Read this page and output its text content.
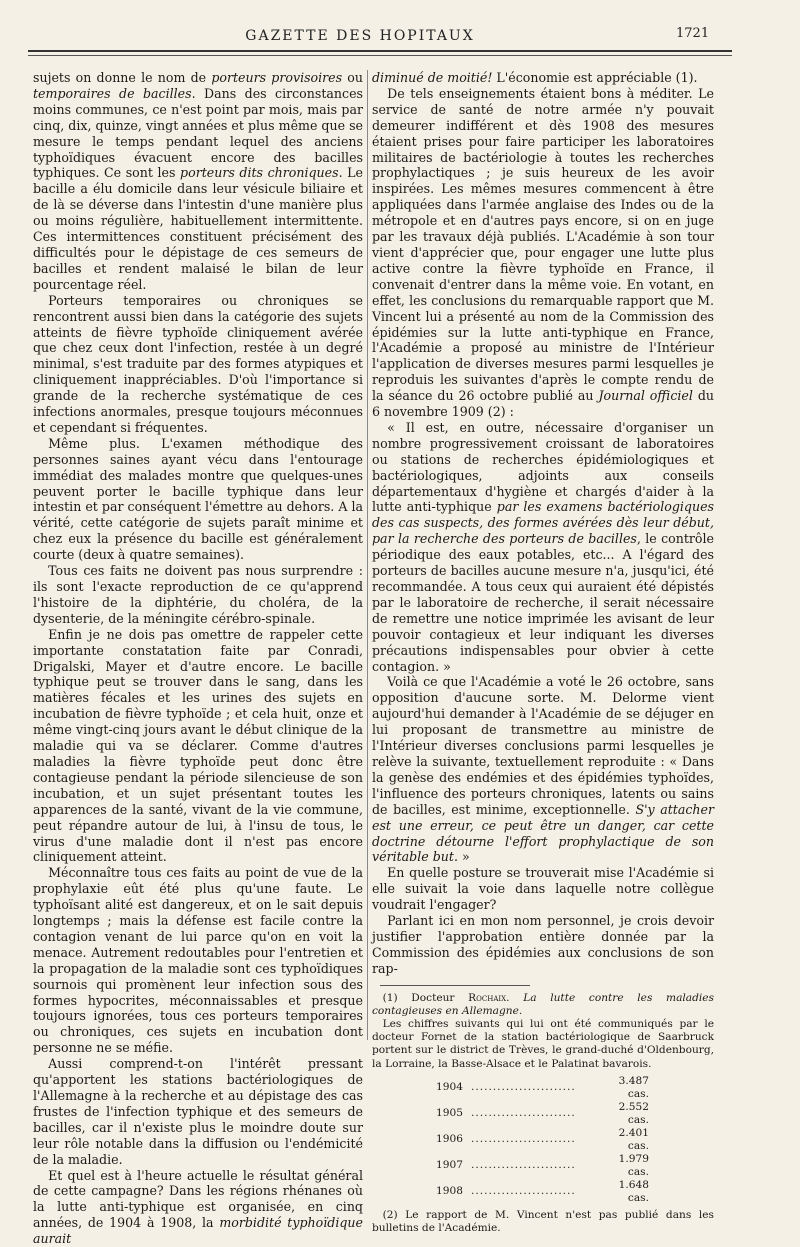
GAZETTE DES HOPITAUX	1721

sujets on donne le nom de porteurs provisoires ou temporaires de bacilles. Dans des circonstances moins communes, ce n'est point par mois, mais par cinq, dix, quinze, vingt années et plus même que se mesure le temps pendant lequel des anciens typhoïdiques évacuent encore des bacilles typhiques. Ce sont les porteurs dits chroniques. Le bacille a élu domicile dans leur vésicule biliaire et de là se déverse dans l'intestin d'une manière plus ou moins régulière, habituellement intermittente. Ces intermittences constituent précisément des difficultés pour le dépistage de ces semeurs de bacilles et rendent malaisé le bilan de leur pourcentage réel.

Porteurs temporaires ou chroniques se rencontrent aussi bien dans la catégorie des sujets atteints de fièvre typhoïde cliniquement avérée que chez ceux dont l'infection, restée à un degré minimal, s'est traduite par des formes atypiques et cliniquement inappréciables. D'où l'importance si grande de la recherche systématique de ces infections anormales, presque toujours méconnues et cependant si fréquentes.

Même plus. L'examen méthodique des personnes saines ayant vécu dans l'entourage immédiat des malades montre que quelques-unes peuvent porter le bacille typhique dans leur intestin et par conséquent l'émettre au dehors. A la vérité, cette catégorie de sujets paraît minime et chez eux la présence du bacille est généralement courte (deux à quatre semaines).

Tous ces faits ne doivent pas nous surprendre : ils sont l'exacte reproduction de ce qu'apprend l'histoire de la diphtérie, du choléra, de la dysenterie, de la méningite cérébro-spinale.

Enfin je ne dois pas omettre de rappeler cette importante constatation faite par Conradi, Drigalski, Mayer et d'autre encore. Le bacille typhique peut se trouver dans le sang, dans les matières fécales et les urines des sujets en incubation de fièvre typhoïde ; et cela huit, onze et même vingt-cinq jours avant le début clinique de la maladie qui va se déclarer. Comme d'autres maladies la fièvre typhoïde peut donc être contagieuse pendant la période silencieuse de son incubation, et un sujet présentant toutes les apparences de la santé, vivant de la vie commune, peut répandre autour de lui, à l'insu de tous, le virus d'une maladie dont il n'est pas encore cliniquement atteint.

Méconnaître tous ces faits au point de vue de la prophylaxie eût été plus qu'une faute. Le typhoïsant alité est dangereux, et on le sait depuis longtemps ; mais la défense est facile contre la contagion venant de lui parce qu'on en voit la menace. Autrement redoutables pour l'entretien et la propagation de la maladie sont ces typhoïdiques sournois qui promènent leur infection sous des formes hypocrites, méconnaissables et presque toujours ignorées, tous ces porteurs temporaires ou chroniques, ces sujets en incubation dont personne ne se méfie.

Aussi comprend-t-on l'intérêt pressant qu'apportent les stations bactériologiques de l'Allemagne à la recherche et au dépistage des cas frustes de l'infection typhique et des semeurs de bacilles, car il n'existe plus le moindre doute sur leur rôle notable dans la diffusion ou l'endémicité de la maladie.

Et quel est à l'heure actuelle le résultat général de cette campagne? Dans les régions rhénanes où la lutte anti-typhique est organisée, en cinq années, de 1904 à 1908, la morbidité typhoïdique aurait

diminué de moitié! L'économie est appréciable (1).

De tels enseignements étaient bons à méditer. Le service de santé de notre armée n'y pouvait demeurer indifférent et dès 1908 des mesures étaient prises pour faire participer les laboratoires militaires de bactériologie à toutes les recherches prophylactiques ; je suis heureux de les avoir inspirées. Les mêmes mesures commencent à être appliquées dans l'armée anglaise des Indes ou de la métropole et en d'autres pays encore, si on en juge par les travaux déjà publiés. L'Académie à son tour vient d'apprécier que, pour engager une lutte plus active contre la fièvre typhoïde en France, il convenait d'entrer dans la même voie. En votant, en effet, les conclusions du remarquable rapport que M. Vincent lui a présenté au nom de la Commission des épidémies sur la lutte anti-typhique en France, l'Académie a proposé au ministre de l'Intérieur l'application de diverses mesures parmi lesquelles je reproduis les suivantes d'après le compte rendu de la séance du 26 octobre publié au Journal officiel du 6 novembre 1909 (2) :

« Il est, en outre, nécessaire d'organiser un nombre progressivement croissant de laboratoires ou stations de recherches épidémiologiques et bactériologiques, adjoints aux conseils départementaux d'hygiène et chargés d'aider à la lutte anti-typhique par les examens bactériologiques des cas suspects, des formes avérées dès leur début, par la recherche des porteurs de bacilles, le contrôle périodique des eaux potables, etc... A l'égard des porteurs de bacilles aucune mesure n'a, jusqu'ici, été recommandée. A tous ceux qui auraient été dépistés par le laboratoire de recherche, il serait nécessaire de remettre une notice imprimée les avisant de leur pouvoir contagieux et leur indiquant les diverses précautions indispensables pour obvier à cette contagion. »

Voilà ce que l'Académie a voté le 26 octobre, sans opposition d'aucune sorte. M. Delorme vient aujourd'hui demander à l'Académie de se déjuger en lui proposant de transmettre au ministre de l'Intérieur diverses conclusions parmi lesquelles je relève la suivante, textuellement reproduite : « Dans la genèse des endémies et des épidémies typhoïdes, l'influence des porteurs chroniques, latents ou sains de bacilles, est minime, exceptionnelle. S'y attacher est une erreur, ce peut être un danger, car cette doctrine détourne l'effort prophylactique de son véritable but. »

En quelle posture se trouverait mise l'Académie si elle suivait la voie dans laquelle notre collègue voudrait l'engager?

Parlant ici en mon nom personnel, je crois devoir justifier l'approbation entière donnée par la Commission des épidémies aux conclusions de son rap-

(1) Docteur Rochaix. La lutte contre les maladies contagieuses en Allemagne.

Les chiffres suivants qui lui ont été communiqués par le docteur Fornet de la station bactériologique de Saarbruck portent sur le district de Trèves, le grand-duché d'Oldenbourg, la Lorraine, la Basse-Alsace et le Palatinat bavarois.

1904	........................	3.487 cas.
1905	........................	2.552 cas.
1906	........................	2.401 cas.
1907	........................	1.979 cas.
1908	........................	1.648 cas.

(2) Le rapport de M. Vincent n'est pas publié dans les bulletins de l'Académie.
